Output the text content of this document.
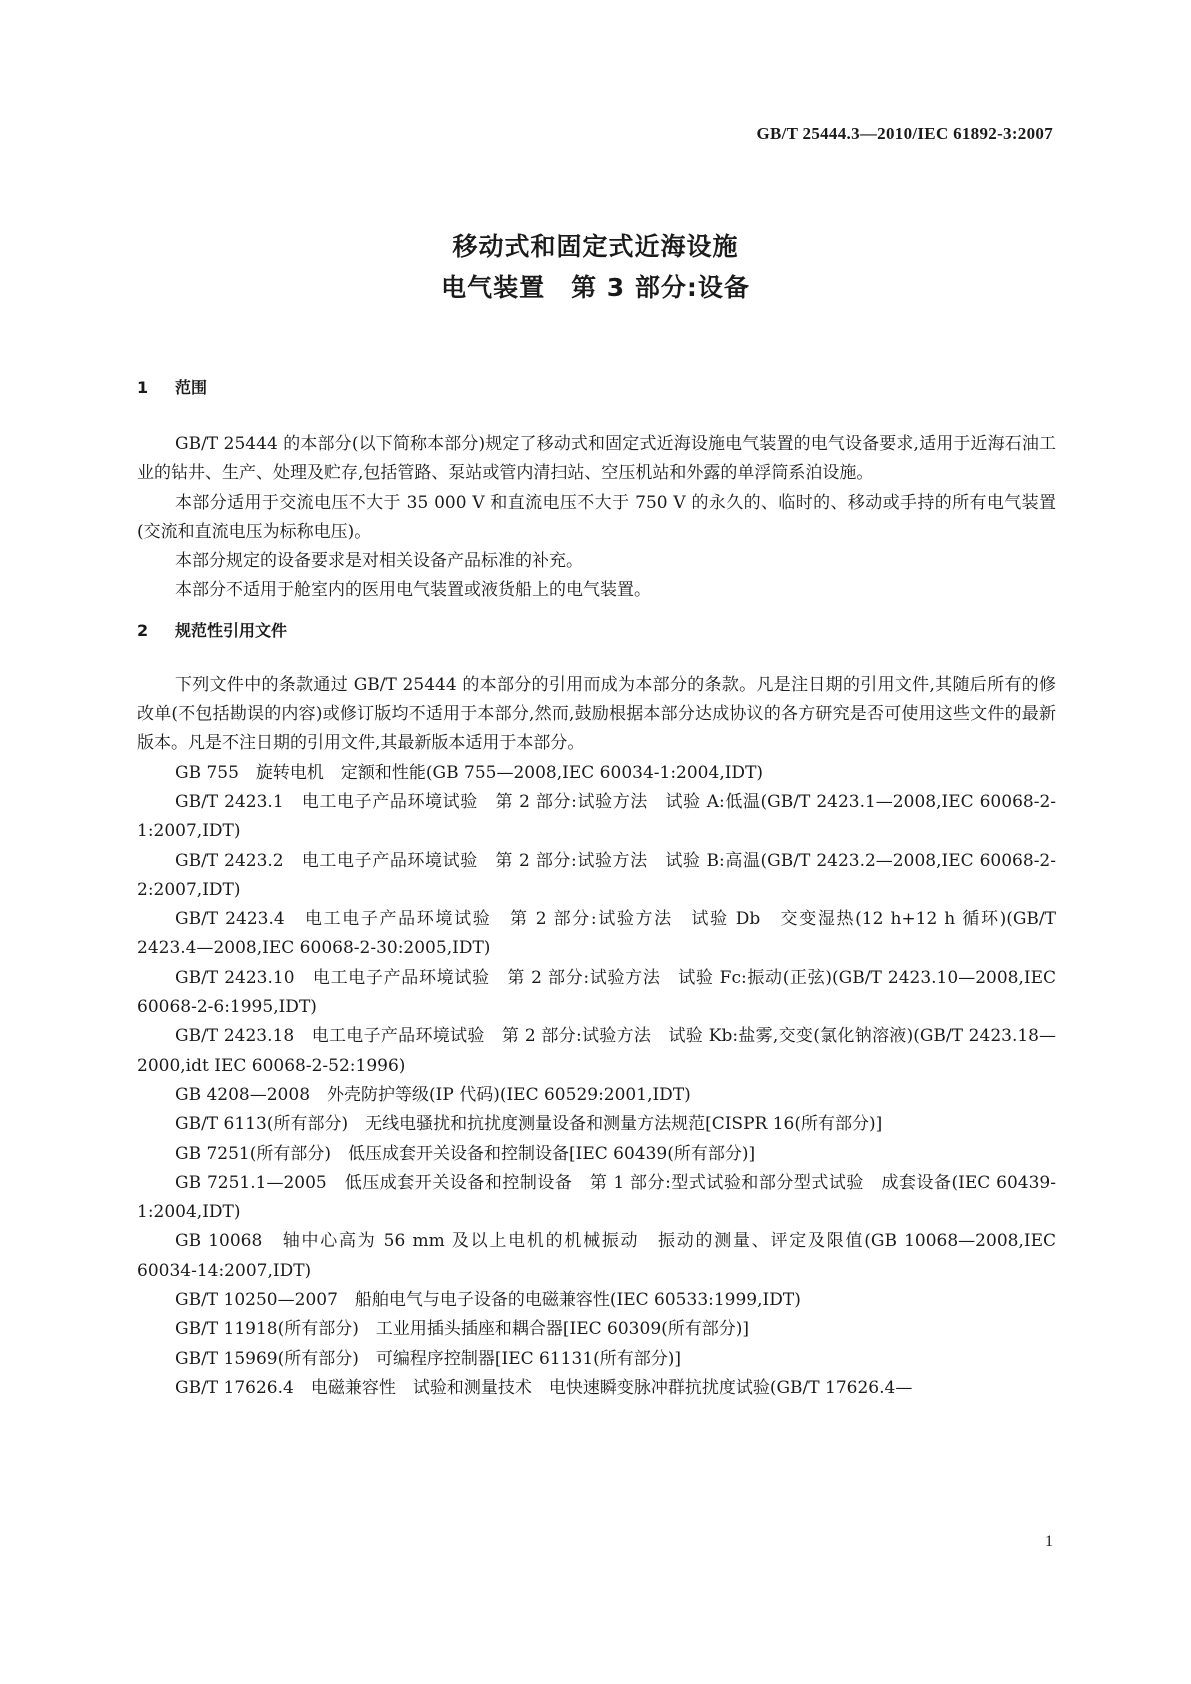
GB/T 25444.3—2010/IEC 61892-3:2007
移动式和固定式近海设施
电气装置　第 3 部分:设备
1 范围

GB/T 25444 的本部分(以下简称本部分)规定了移动式和固定式近海设施电气装置的电气设备要求,适用于近海石油工业的钻井、生产、处理及贮存,包括管路、泵站或管内清扫站、空压机站和外露的单浮筒系泊设施。

本部分适用于交流电压不大于 35 000 V 和直流电压不大于 750 V 的永久的、临时的、移动或手持的所有电气装置(交流和直流电压为标称电压)。

本部分规定的设备要求是对相关设备产品标准的补充。

本部分不适用于舱室内的医用电气装置或液货船上的电气装置。

2 规范性引用文件

下列文件中的条款通过 GB/T 25444 的本部分的引用而成为本部分的条款。凡是注日期的引用文件,其随后所有的修改单(不包括勘误的内容)或修订版均不适用于本部分,然而,鼓励根据本部分达成协议的各方研究是否可使用这些文件的最新版本。凡是不注日期的引用文件,其最新版本适用于本部分。

GB 755　旋转电机　定额和性能(GB 755—2008,IEC 60034-1:2004,IDT)

GB/T 2423.1　电工电子产品环境试验　第 2 部分:试验方法　试验 A:低温(GB/T 2423.1—2008,IEC 60068-2-1:2007,IDT)

GB/T 2423.2　电工电子产品环境试验　第 2 部分:试验方法　试验 B:高温(GB/T 2423.2—2008,IEC 60068-2-2:2007,IDT)

GB/T 2423.4　电工电子产品环境试验　第 2 部分:试验方法　试验 Db　交变湿热(12 h+12 h 循环)(GB/T 2423.4—2008,IEC 60068-2-30:2005,IDT)

GB/T 2423.10　电工电子产品环境试验　第 2 部分:试验方法　试验 Fc:振动(正弦)(GB/T 2423.10—2008,IEC 60068-2-6:1995,IDT)

GB/T 2423.18　电工电子产品环境试验　第 2 部分:试验方法　试验 Kb:盐雾,交变(氯化钠溶液)(GB/T 2423.18—2000,idt IEC 60068-2-52:1996)

GB 4208—2008　外壳防护等级(IP 代码)(IEC 60529:2001,IDT)

GB/T 6113(所有部分)　无线电骚扰和抗扰度测量设备和测量方法规范[CISPR 16(所有部分)]

GB 7251(所有部分)　低压成套开关设备和控制设备[IEC 60439(所有部分)]

GB 7251.1—2005　低压成套开关设备和控制设备　第 1 部分:型式试验和部分型式试验　成套设备(IEC 60439-1:2004,IDT)

GB 10068　轴中心高为 56 mm 及以上电机的机械振动　振动的测量、评定及限值(GB 10068—2008,IEC 60034-14:2007,IDT)

GB/T 10250—2007　船舶电气与电子设备的电磁兼容性(IEC 60533:1999,IDT)

GB/T 11918(所有部分)　工业用插头插座和耦合器[IEC 60309(所有部分)]

GB/T 15969(所有部分)　可编程序控制器[IEC 61131(所有部分)]

GB/T 17626.4　电磁兼容性　试验和测量技术　电快速瞬变脉冲群抗扰度试验(GB/T 17626.4—

1
